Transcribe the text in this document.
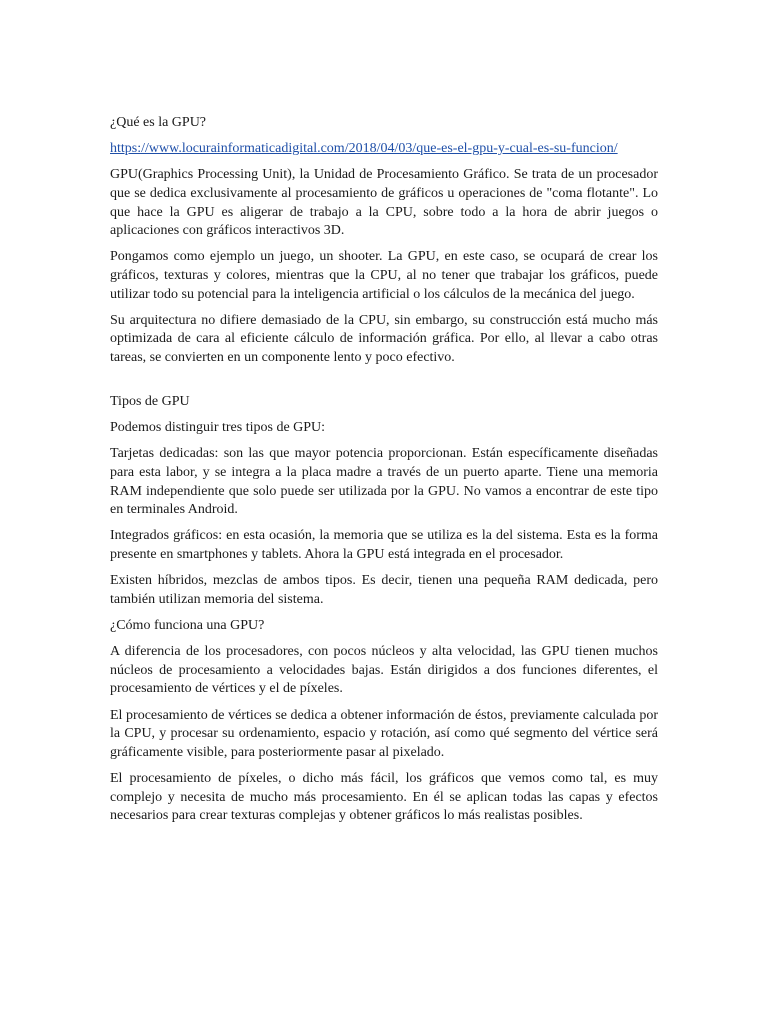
¿Qué es la GPU?

https://www.locurainformaticadigital.com/2018/04/03/que-es-el-gpu-y-cual-es-su-funcion/

GPU(Graphics Processing Unit), la Unidad de Procesamiento Gráfico. Se trata de un procesador que se dedica exclusivamente al procesamiento de gráficos u operaciones de "coma flotante". Lo que hace la GPU es aligerar de trabajo a la CPU, sobre todo a la hora de abrir juegos o aplicaciones con gráficos interactivos 3D.

Pongamos como ejemplo un juego, un shooter. La GPU, en este caso, se ocupará de crear los gráficos, texturas y colores, mientras que la CPU, al no tener que trabajar los gráficos, puede utilizar todo su potencial para la inteligencia artificial o los cálculos de la mecánica del juego.

Su arquitectura no difiere demasiado de la CPU, sin embargo, su construcción está mucho más optimizada de cara al eficiente cálculo de información gráfica. Por ello, al llevar a cabo otras tareas, se convierten en un componente lento y poco efectivo.

Tipos de GPU

Podemos distinguir tres tipos de GPU:

Tarjetas dedicadas: son las que mayor potencia proporcionan. Están específicamente diseñadas para esta labor, y se integra a la placa madre a través de un puerto aparte. Tiene una memoria RAM independiente que solo puede ser utilizada por la GPU. No vamos a encontrar de este tipo en terminales Android.

Integrados gráficos: en esta ocasión, la memoria que se utiliza es la del sistema. Esta es la forma presente en smartphones y tablets. Ahora la GPU está integrada en el procesador.

Existen híbridos, mezclas de ambos tipos. Es decir, tienen una pequeña RAM dedicada, pero también utilizan memoria del sistema.

¿Cómo funciona una GPU?

A diferencia de los procesadores, con pocos núcleos y alta velocidad, las GPU tienen muchos núcleos de procesamiento a velocidades bajas. Están dirigidos a dos funciones diferentes, el procesamiento de vértices y el de píxeles.

El procesamiento de vértices se dedica a obtener información de éstos, previamente calculada por la CPU, y procesar su ordenamiento, espacio y rotación, así como qué segmento del vértice será gráficamente visible, para posteriormente pasar al pixelado.

El procesamiento de píxeles, o dicho más fácil, los gráficos que vemos como tal, es muy complejo y necesita de mucho más procesamiento. En él se aplican todas las capas y efectos necesarios para crear texturas complejas y obtener gráficos lo más realistas posibles.
